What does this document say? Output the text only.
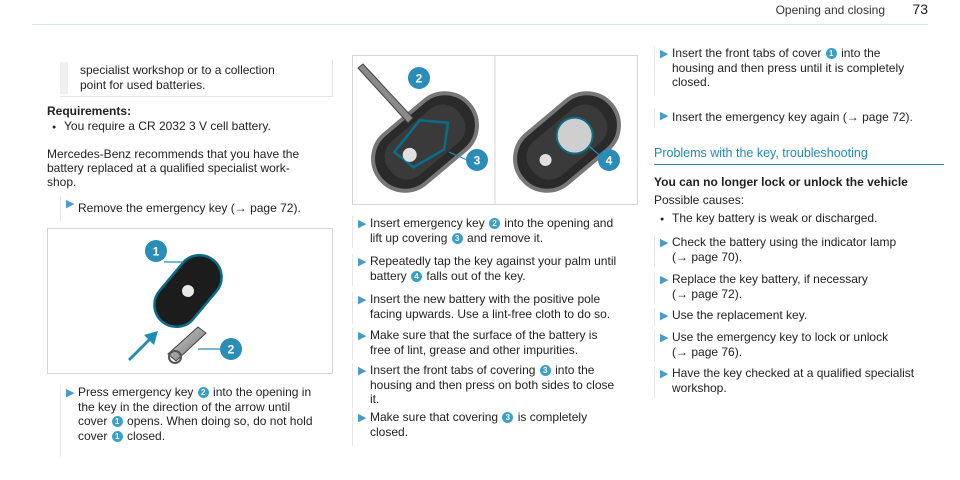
Opening and closing 73

specialist workshop or to a collection

point for used batteries.

Requirements:

● You require a CR 2032 3 V cell battery.

Mercedes-Benz recommends that you have the

battery replaced at a qualified specialist work-

shop.

▶ Remove the emergency key (→ page 72).

1
2
▶ Press emergency key 2 into the opening in

the key in the direction of the arrow until

cover 1 opens. When doing so, do not hold

cover 1 closed.

2
3	4
▶ Insert emergency key 2 into the opening and

lift up covering 3 and remove it.

▶ Repeatedly tap the key against your palm until

battery 4 falls out of the key.

▶ Insert the new battery with the positive pole

facing upwards. Use a lint-free cloth to do so.

▶ Make sure that the surface of the battery is

free of lint, grease and other impurities.

▶ Insert the front tabs of covering 3 into the

housing and then press on both sides to close

it.

▶ Make sure that covering 3 is completely

closed.

▶ Insert the front tabs of cover 1 into the

housing and then press until it is completely

closed.

▶ Insert the emergency key again (→ page 72).

Problems with the key, troubleshooting

You can no longer lock or unlock the vehicle

Possible causes:

● The key battery is weak or discharged.

▶ Check the battery using the indicator lamp

(→ page 70).

▶ Replace the key battery, if necessary

(→ page 72).

▶ Use the replacement key.

▶ Use the emergency key to lock or unlock

(→ page 76).

▶ Have the key checked at a qualified specialist

workshop.
